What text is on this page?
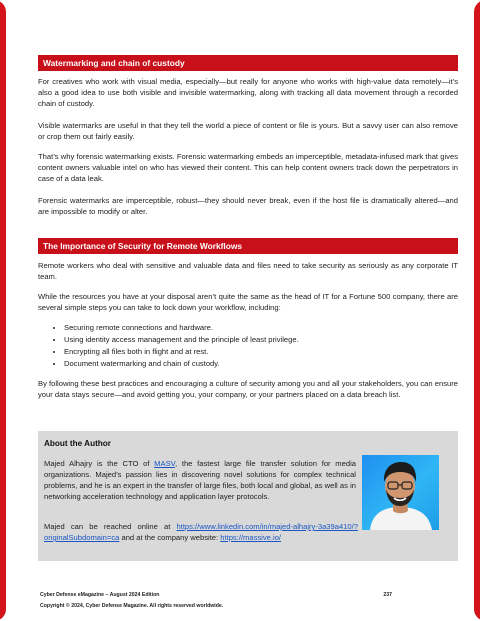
Watermarking and chain of custody

For creatives who work with visual media, especially—but really for anyone who works with high-value data remotely—it’s also a good idea to use both visible and invisible watermarking, along with tracking all data movement through a recorded chain of custody.

Visible watermarks are useful in that they tell the world a piece of content or file is yours. But a savvy user can also remove or crop them out fairly easily.

That’s why forensic watermarking exists. Forensic watermarking embeds an imperceptible, metadata-infused mark that gives content owners valuable intel on who has viewed their content. This can help content owners track down the perpetrators in case of a data leak.

Forensic watermarks are imperceptible, robust—they should never break, even if the host file is dramatically altered—and are impossible to modify or alter.

The Importance of Security for Remote Workflows

Remote workers who deal with sensitive and valuable data and files need to take security as seriously as any corporate IT team.

While the resources you have at your disposal aren’t quite the same as the head of IT for a Fortune 500 company, there are several simple steps you can take to lock down your workflow, including:

• Securing remote connections and hardware.
• Using identity access management and the principle of least privilege.
• Encrypting all files both in flight and at rest.
• Document watermarking and chain of custody.

By following these best practices and encouraging a culture of security among you and all your stakeholders, you can ensure your data stays secure—and avoid getting you, your company, or your partners placed on a data breach list.

About the Author
Majed Alhajry is the CTO of MASV, the fastest large file transfer solution for media organizations. Majed’s passion lies in discovering novel solutions for complex technical problems, and he is an expert in the transfer of large files, both local and global, as well as in networking acceleration technology and application layer protocols.
Majed can be reached online at https://www.linkedin.com/in/majed-alhajry-3a39a410/?originalSubdomain=ca and at the company website: https://massive.io/
Cyber Defense eMagazine – August 2024 Edition	237
Copyright © 2024, Cyber Defense Magazine. All rights reserved worldwide.
